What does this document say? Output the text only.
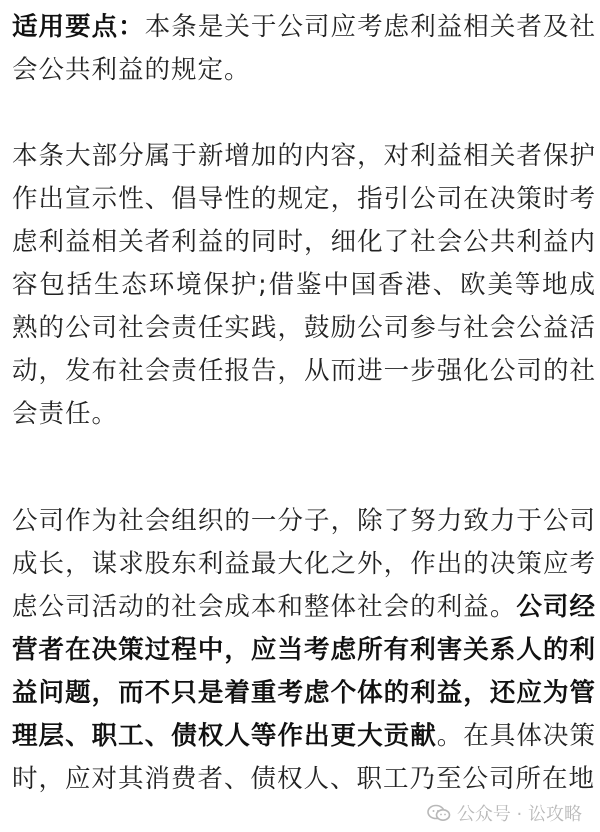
适用要点：本条是关于公司应考虑利益相关者及社会公共利益的规定。

本条大部分属于新增加的内容，对利益相关者保护作出宣示性、倡导性的规定，指引公司在决策时考虑利益相关者利益的同时，细化了社会公共利益内容包括生态环境保护;借鉴中国香港、欧美等地成熟的公司社会责任实践，鼓励公司参与社会公益活动，发布社会责任报告，从而进一步强化公司的社会责任。

公司作为社会组织的一分子，除了努力致力于公司成长，谋求股东利益最大化之外，作出的决策应考虑公司活动的社会成本和整体社会的利益。公司经营者在决策过程中，应当考虑所有利害关系人的利益问题，而不只是着重考虑个体的利益，还应为管理层、职工、债权人等作出更大贡献。在具体决策时，应对其消费者、债权人、职工乃至公司所在地

公众号 · 讼攻略
